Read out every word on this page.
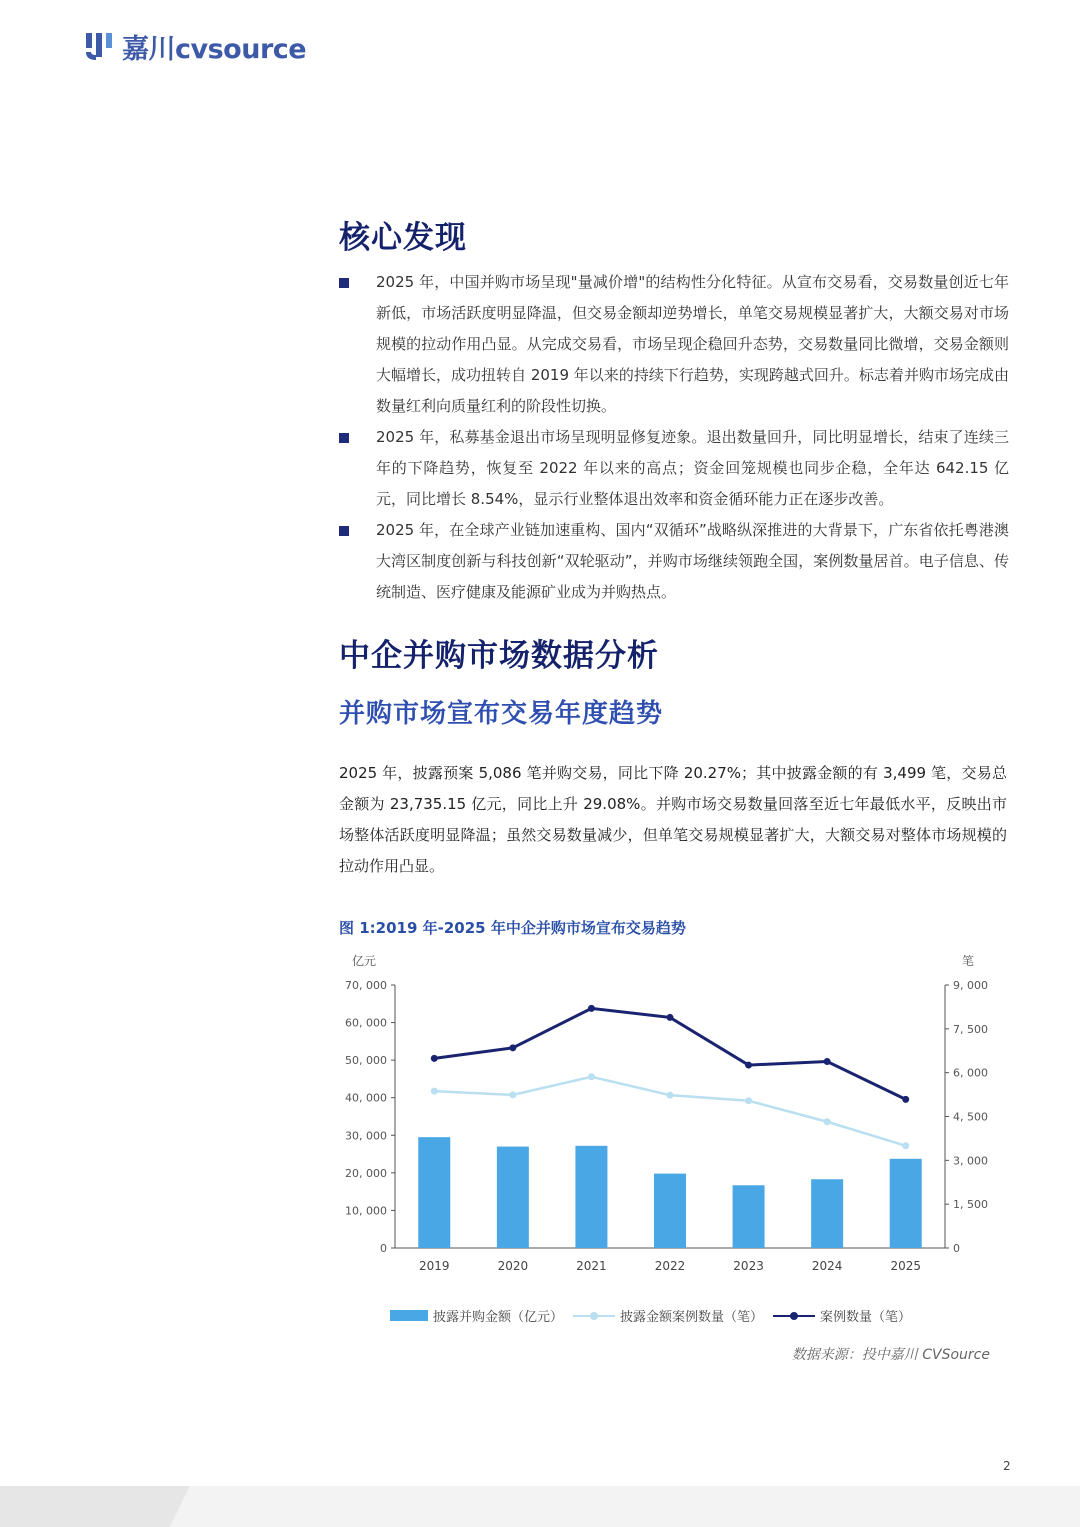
嘉川cvsource
核心发现
2025 年，中国并购市场呈现"量减价增"的结构性分化特征。从宣布交易看，交易数量创近七年新低，市场活跃度明显降温，但交易金额却逆势增长，单笔交易规模显著扩大，大额交易对市场规模的拉动作用凸显。从完成交易看，市场呈现企稳回升态势，交易数量同比微增，交易金额则大幅增长，成功扭转自 2019 年以来的持续下行趋势，实现跨越式回升。标志着并购市场完成由数量红利向质量红利的阶段性切换。
2025 年，私募基金退出市场呈现明显修复迹象。退出数量回升，同比明显增长，结束了连续三年的下降趋势，恢复至 2022 年以来的高点；资金回笼规模也同步企稳，全年达 642.15 亿元，同比增长 8.54%，显示行业整体退出效率和资金循环能力正在逐步改善。
2025 年，在全球产业链加速重构、国内“双循环”战略纵深推进的大背景下，广东省依托粤港澳大湾区制度创新与科技创新“双轮驱动”，并购市场继续领跑全国，案例数量居首。电子信息、传统制造、医疗健康及能源矿业成为并购热点。
中企并购市场数据分析
并购市场宣布交易年度趋势
2025 年，披露预案 5,086 笔并购交易，同比下降 20.27%；其中披露金额的有 3,499 笔，交易总金额为 23,735.15 亿元，同比上升 29.08%。并购市场交易数量回落至近七年最低水平，反映出市场整体活跃度明显降温；虽然交易数量减少，但单笔交易规模显著扩大，大额交易对整体市场规模的拉动作用凸显。
图 1:2019 年-2025 年中企并购市场宣布交易趋势
0
10, 000
20, 000
30, 000
40, 000
50, 000
60, 000
70, 000
亿元
0
1, 500
3, 000
4, 500
6, 000
7, 500
9, 000
笔
2019	2020	2021	2022	2023	2024	2025
披露并购金额（亿元）	披露金额案例数量（笔）	案例数量（笔）
数据来源：投中嘉川 CVSource
2
